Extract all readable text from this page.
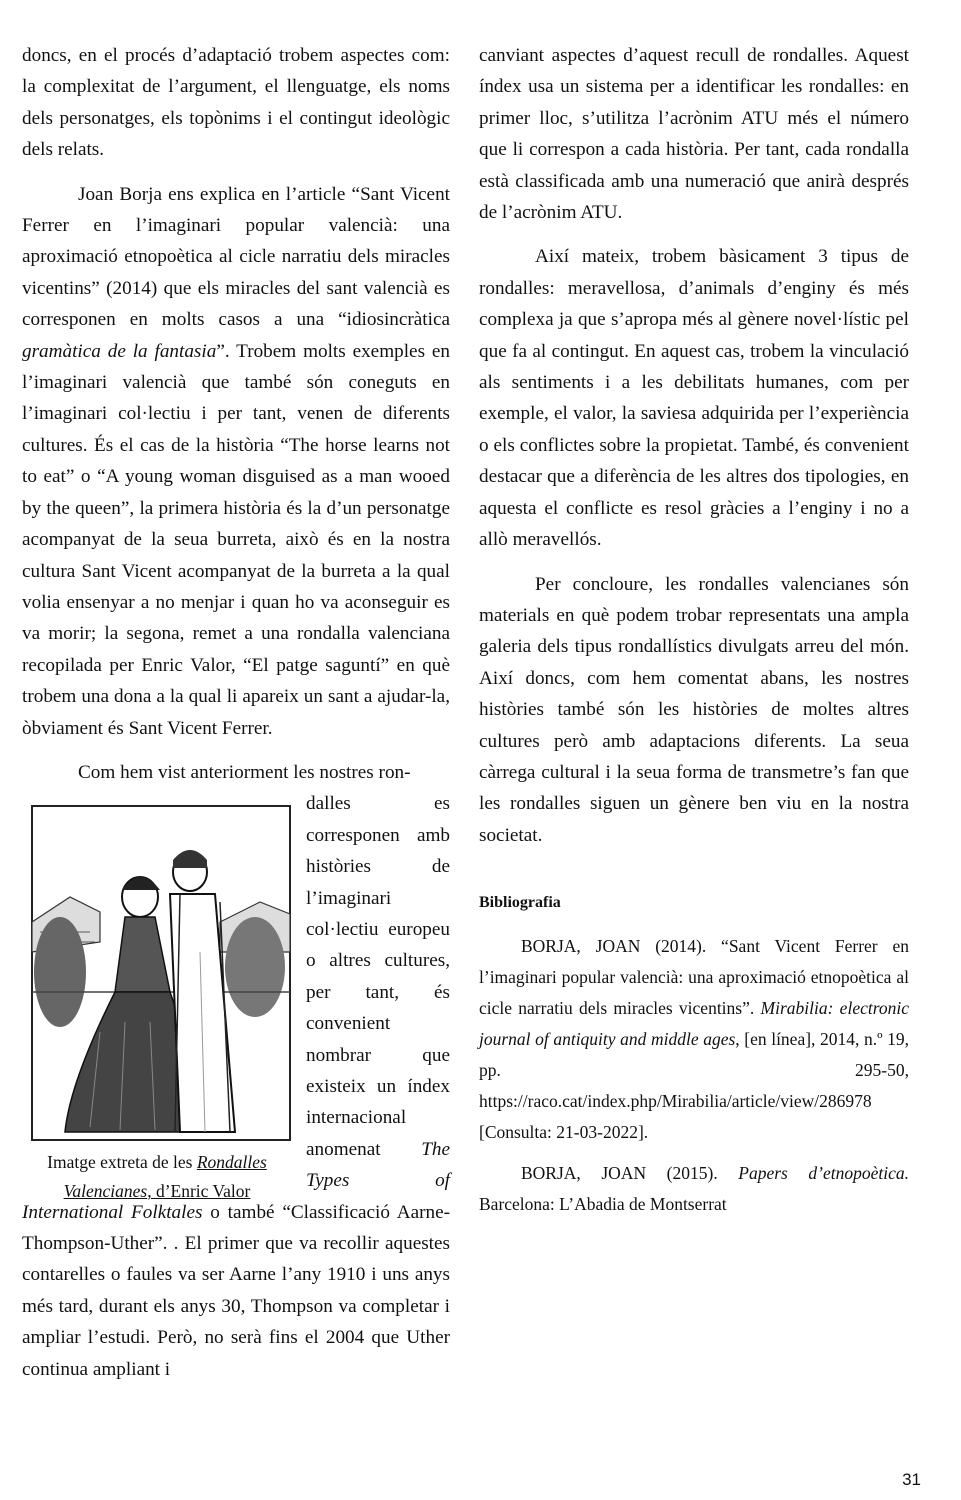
doncs, en el procés d’adaptació trobem aspectes com: la complexitat de l’argument, el llenguatge, els noms dels personatges, els topònims i el contingut ideològic dels relats.

Joan Borja ens explica en l’article “Sant Vicent Ferrer en l’imaginari popular valencià: una aproximació etnopoètica al cicle narratiu dels miracles vicentins” (2014) que els miracles del sant valencià es corresponen en molts casos a una “idiosincràtica gramàtica de la fantasia”. Trobem molts exemples en l’imaginari valencià que també són coneguts en l’imaginari col·lectiu i per tant, venen de diferents cultures. És el cas de la història “The horse learns not to eat” o “A young woman disguised as a man wooed by the queen”, la primera història és la d’un personatge acompanyat de la seua burreta, això és en la nostra cultura Sant Vicent acompanyat de la burreta a la qual volia ensenyar a no menjar i quan ho va aconseguir es va morir; la segona, remet a una rondalla valenciana recopilada per Enric Valor, “El patge saguntí” en què trobem una dona a la qual li apareix un sant a ajudar-la, òbviament és Sant Vicent Ferrer.

Com hem vist anteriorment les nostres ron-

Imatge extreta de les Rondalles Valencianes, d’Enric Valor

dalles es corresponen amb històries de l’imaginari col·lectiu europeu o altres cultures, per tant, és convenient nombrar que existeix un índex internacional anomenat The Types of International Folktales o també “Classificació Aarne-Thompson-Uther”. . El primer que va recollir aquestes contarelles o faules va ser Aarne l’any 1910 i uns anys més tard, durant els anys 30, Thompson va completar i ampliar l’estudi. Però, no serà fins el 2004 que Uther continua ampliant i

canviant aspectes d’aquest recull de rondalles. Aquest índex usa un sistema per a identificar les rondalles: en primer lloc, s’utilitza l’acrònim ATU més el número que li correspon a cada història. Per tant, cada rondalla està classificada amb una numeració que anirà després de l’acrònim ATU.

Així mateix, trobem bàsicament 3 tipus de rondalles: meravellosa, d’animals d’enginy és més complexa ja que s’apropa més al gènere novel·lístic pel que fa al contingut. En aquest cas, trobem la vinculació als sentiments i a les debilitats humanes, com per exemple, el valor, la saviesa adquirida per l’experiència o els conflictes sobre la propietat. També, és convenient destacar que a diferència de les altres dos tipologies, en aquesta el conflicte es resol gràcies a l’enginy i no a allò meravellós.

Per concloure, les rondalles valencianes són materials en què podem trobar representats una ampla galeria dels tipus rondallístics divulgats arreu del món. Així doncs, com hem comentat abans, les nostres històries també són les històries de moltes altres cultures però amb adaptacions diferents. La seua càrrega cultural i la seua forma de transmetre’s fan que les rondalles siguen un gènere ben viu en la nostra societat.

Bibliografia

BORJA, JOAN (2014). “Sant Vicent Ferrer en l’imaginari popular valencià: una aproximació etnopoètica al cicle narratiu dels miracles vicentins”. Mirabilia: electronic journal of antiquity and middle ages, [en línea], 2014, n.º 19, pp. 295-50, https://raco.cat/index.php/Mirabilia/article/view/286978 [Consulta: 21-03-2022].

BORJA, JOAN (2015). Papers d’etnopoètica. Barcelona: L’Abadia de Montserrat

31
